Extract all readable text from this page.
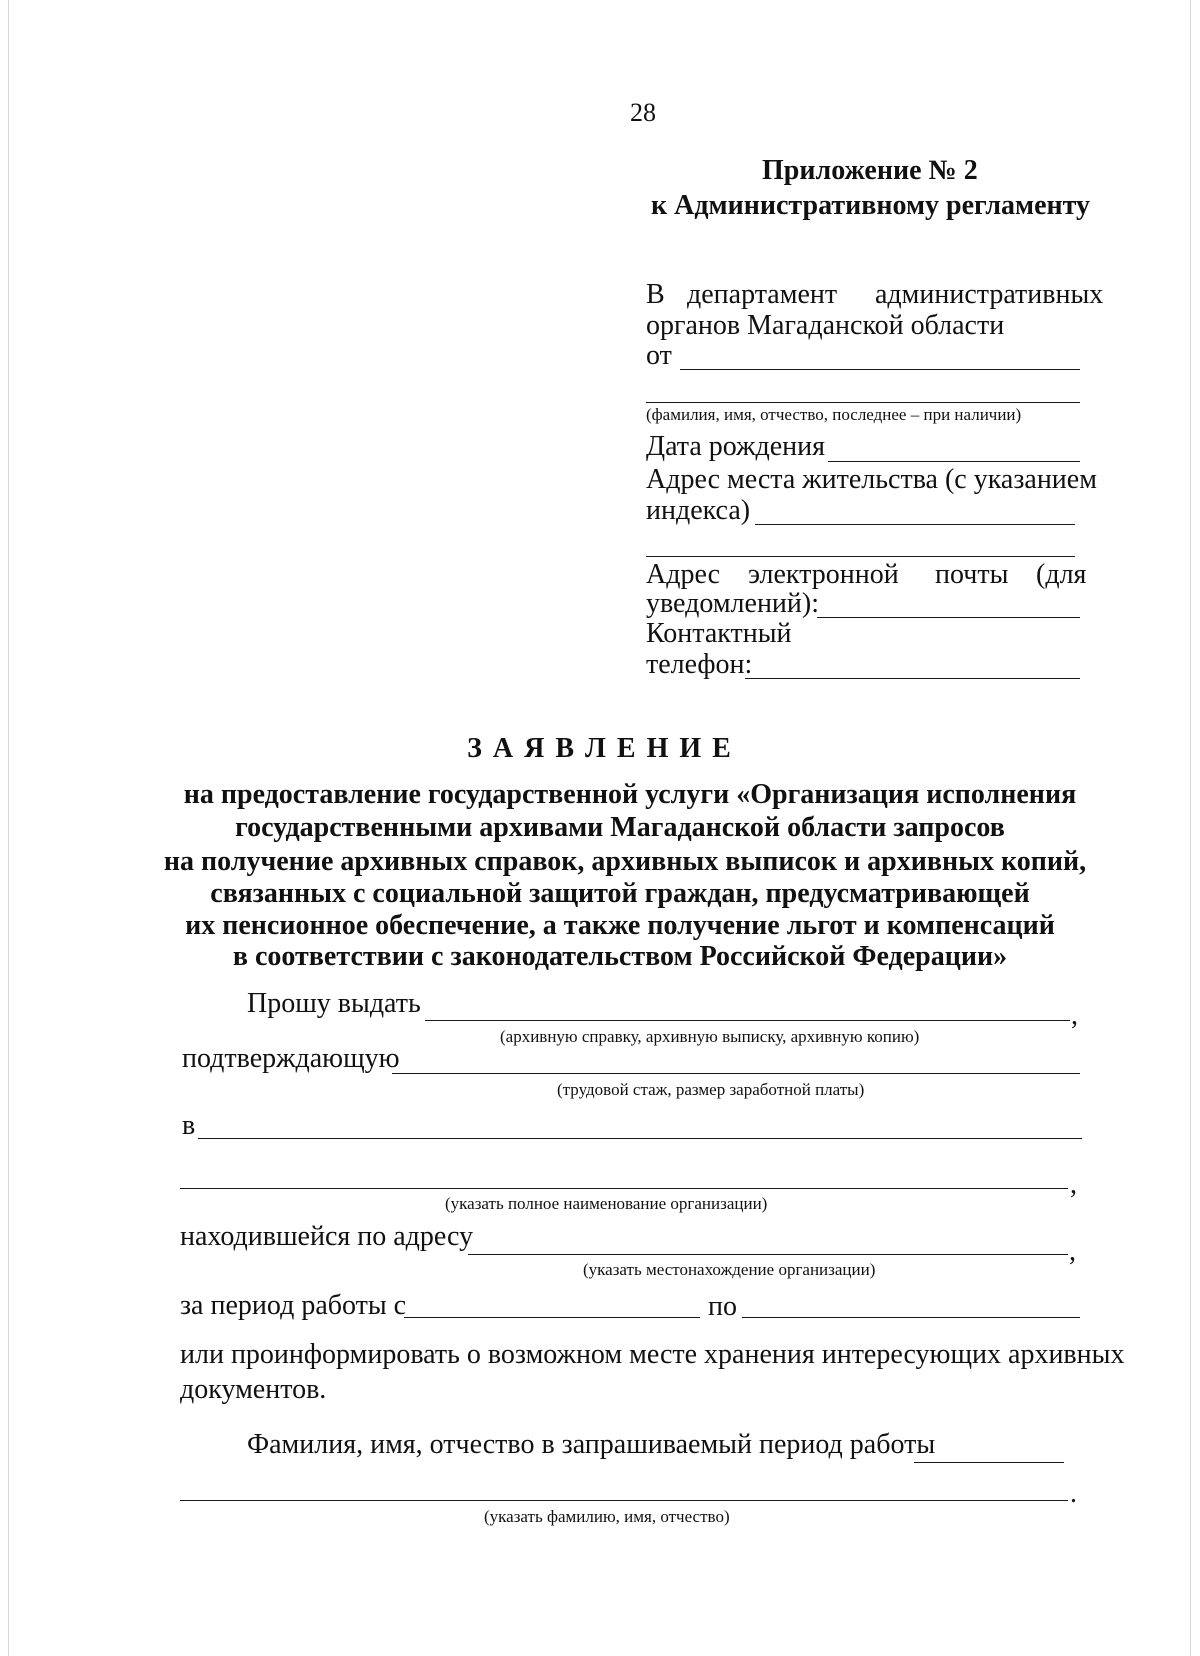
28
Приложение № 2
к Административному регламенту
В департамент административных
органов Магаданской области
от
(фамилия, имя, отчество, последнее – при наличии)
Дата рождения
Адрес места жительства (с указанием
индекса)
Адрес электронной почты (для
уведомлений):
Контактный
телефон:
З А Я В Л Е Н И Е
на предоставление государственной услуги «Организация исполнения
государственными архивами Магаданской области запросов
на получение архивных справок, архивных выписок и архивных копий,
связанных с социальной защитой граждан, предусматривающей
их пенсионное обеспечение, а также получение льгот и компенсаций
в соответствии с законодательством Российской Федерации»
Прошу выдать	,
(архивную справку, архивную выписку, архивную копию)
подтверждающую
(трудовой стаж, размер заработной платы)
в
,
(указать полное наименование организации)
находившейся по адресу	,
(указать местонахождение организации)
за период работы с	по
или проинформировать о возможном месте хранения интересующих архивных
документов.
Фамилия, имя, отчество в запрашиваемый период работы
.
(указать фамилию, имя, отчество)
